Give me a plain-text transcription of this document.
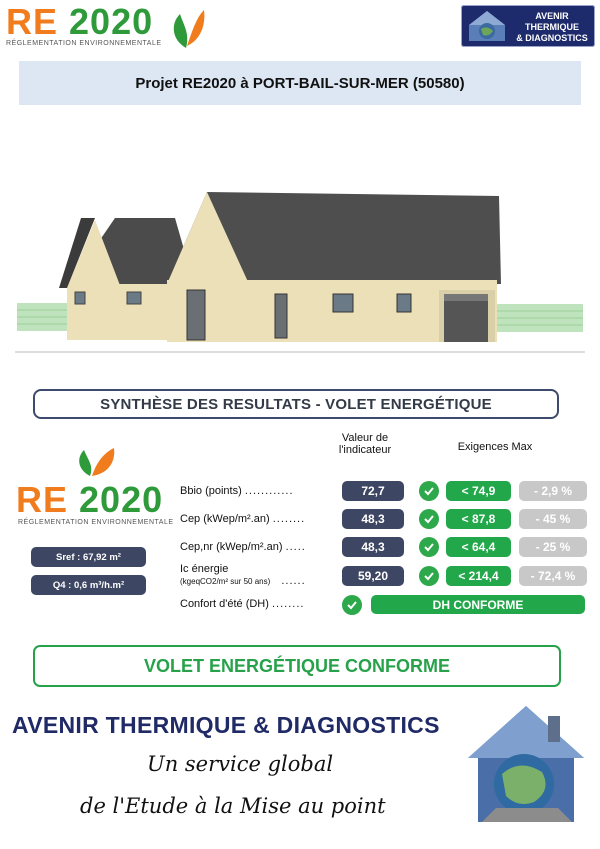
RE 2020
RÉGLEMENTATION ENVIRONNEMENTALE
AVENIR
THERMIQUE
& DIAGNOSTICS
Projet RE2020 à PORT-BAIL-SUR-MER (50580)
SYNTHÈSE DES RESULTATS - VOLET ENERGÉTIQUE
Valeur de
l'indicateur	Exigences Max
RE 2020
RÉGLEMENTATION ENVIRONNEMENTALE
Sref : 67,92 m²
Q4 : 0,6 m³/h.m²
Bbio (points) ............	72,7	< 74,9	- 2,9 %
Cep (kWep/m².an) ........	48,3	< 87,8	- 45 %
Cep,nr (kWep/m².an) .....	48,3	< 64,4	- 25 %
Ic énergie
(kgeqCO2/m² sur 50 ans) ......	59,20	< 214,4	- 72,4 %
Confort d'été (DH) ........	DH CONFORME
VOLET ENERGÉTIQUE CONFORME
AVENIR THERMIQUE & DIAGNOSTICS
Un service global
de l'Etude à la Mise au point
